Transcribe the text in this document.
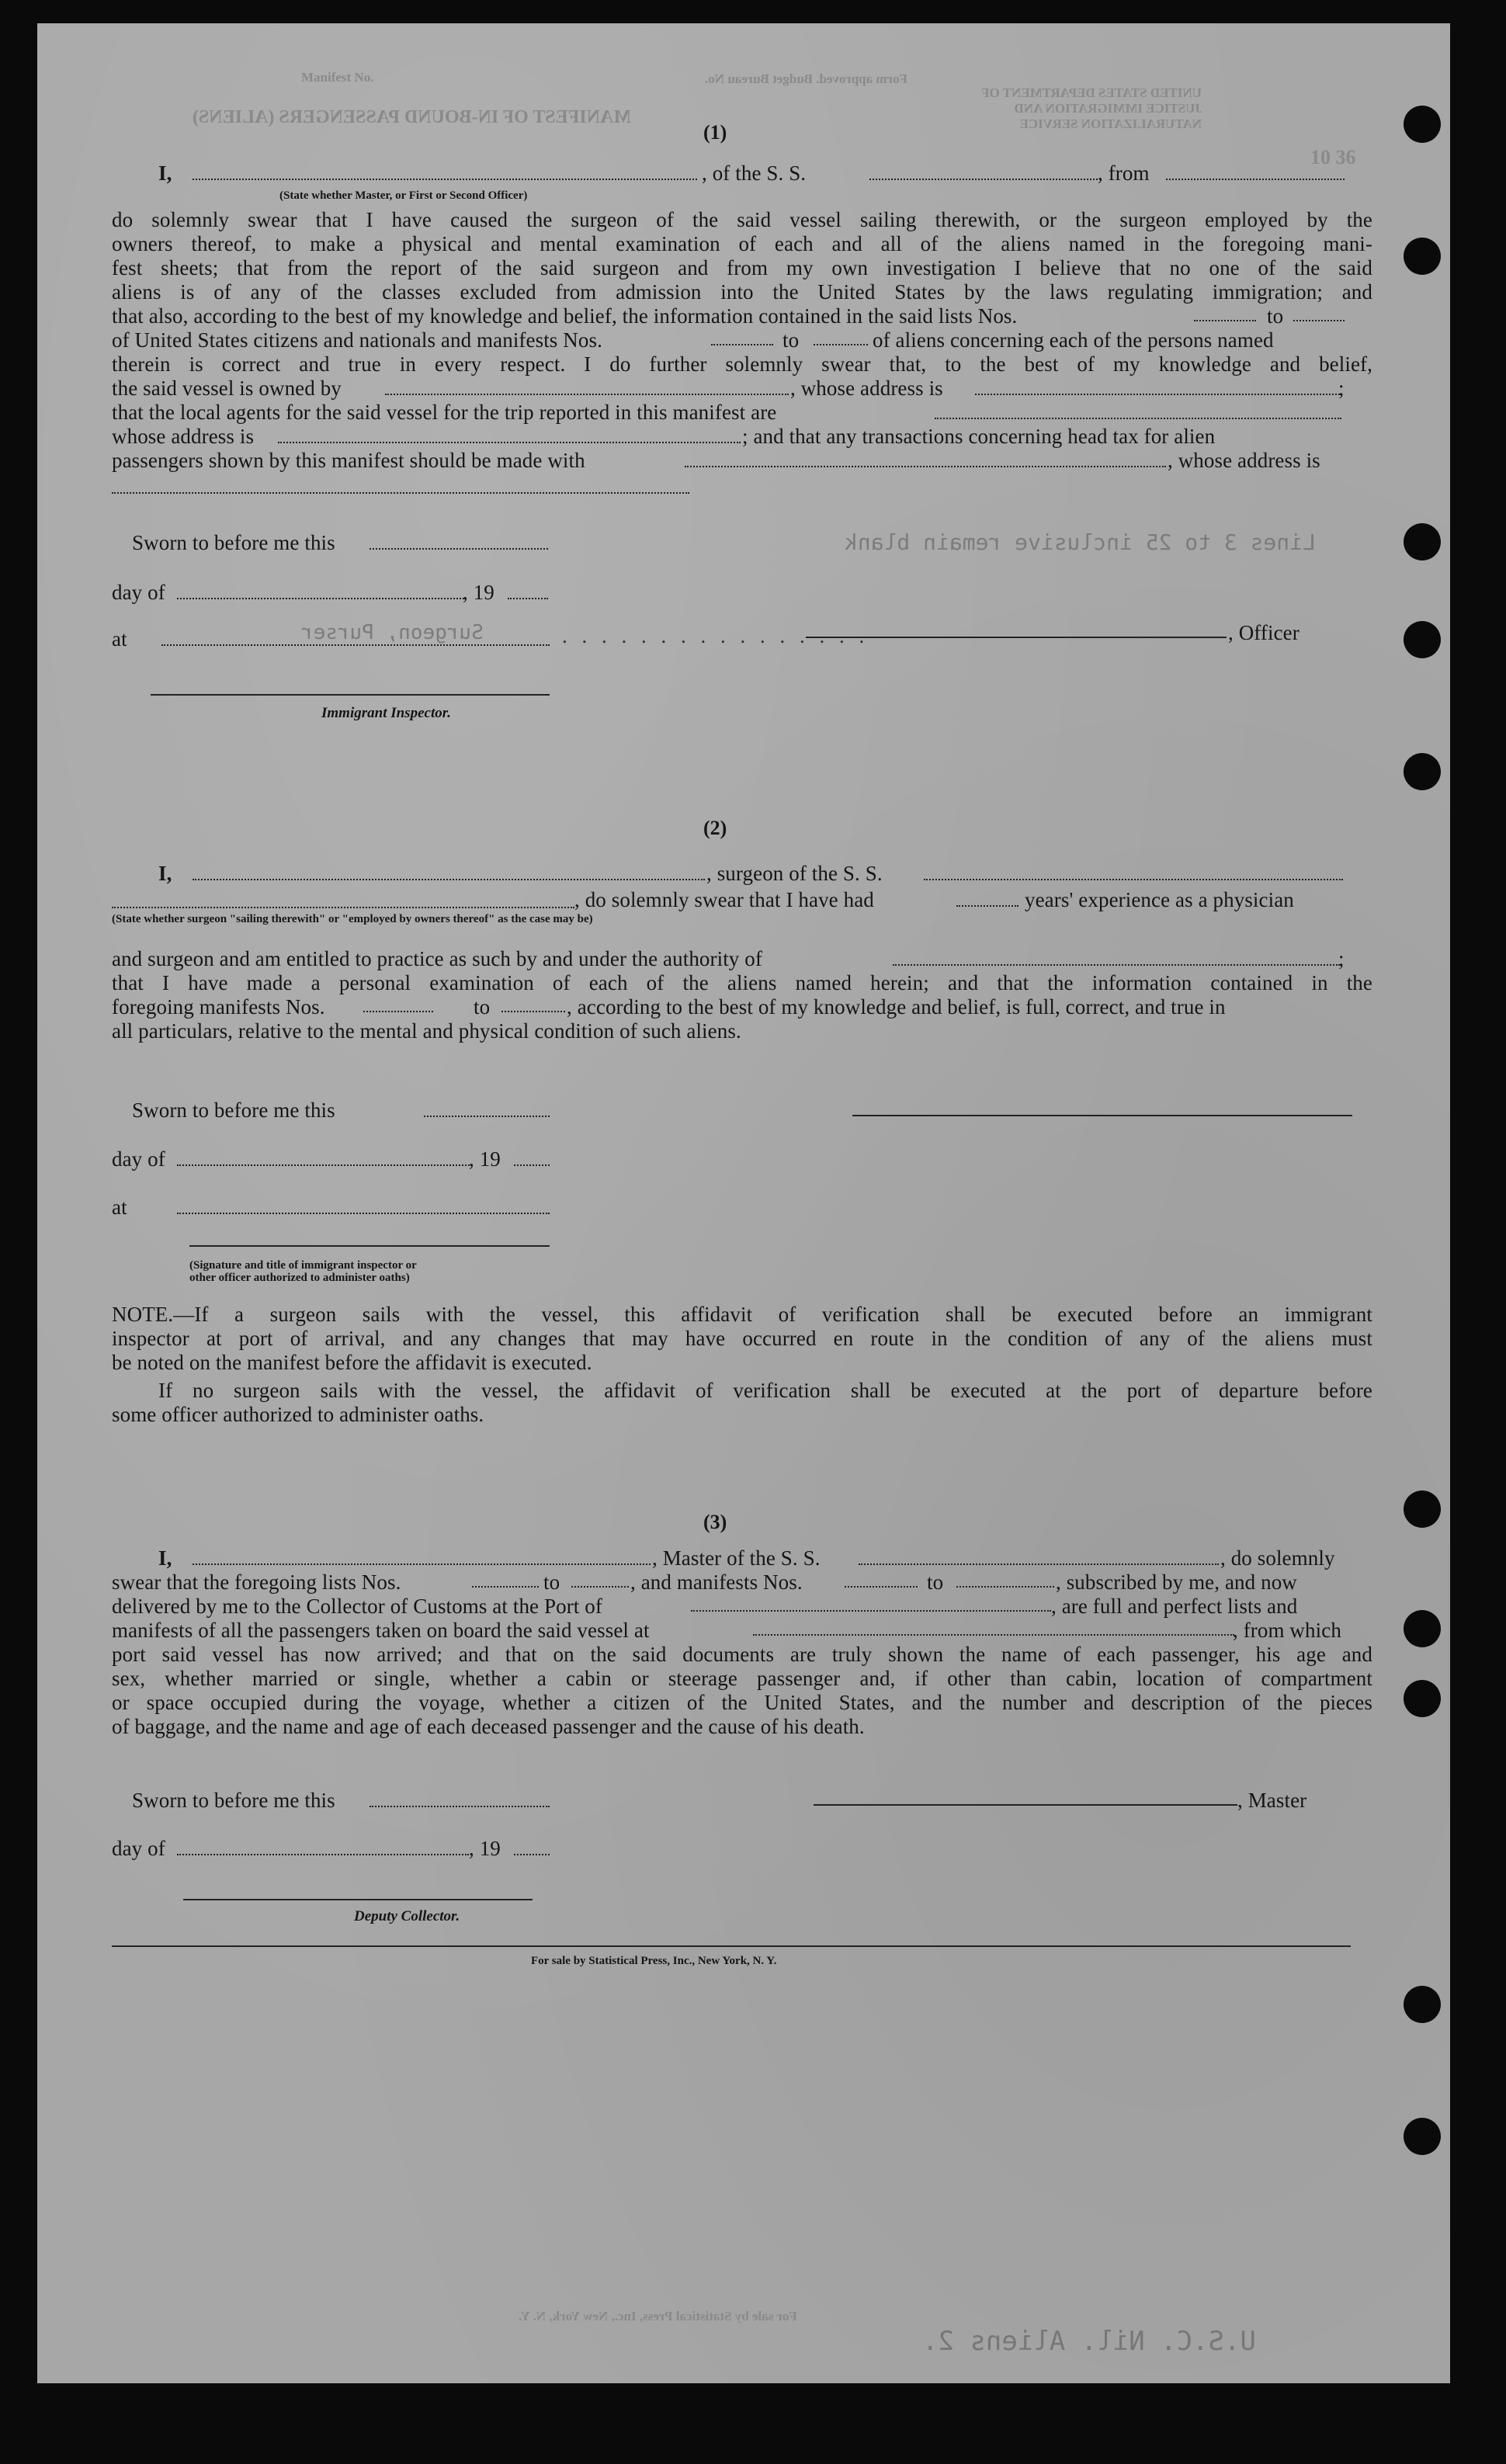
Manifest No.
MANIFEST OF IN-BOUND PASSENGERS (ALIENS)
Form approved. Budget Bureau No.
UNITED STATES DEPARTMENT OF JUSTICE IMMIGRATION AND NATURALIZATION SERVICE
10 36
(1)
I,	, of the S. S.	, from
(State whether Master, or First or Second Officer)
do solemnly swear that I have caused the surgeon of the said vessel sailing therewith, or the surgeon employed by the
owners thereof, to make a physical and mental examination of each and all of the aliens named in the foregoing mani-
fest sheets; that from the report of the said surgeon and from my own investigation I believe that no one of the said
aliens is of any of the classes excluded from admission into the United States by the laws regulating immigration; and
that also, according to the best of my knowledge and belief, the information contained in the said lists Nos.	to
of United States citizens and nationals and manifests Nos.	to	of aliens concerning each of the persons named
therein is correct and true in every respect. I do further solemnly swear that, to the best of my knowledge and belief,
the said vessel is owned by	, whose address is	;
that the local agents for the said vessel for the trip reported in this manifest are
whose address is	; and that any transactions concerning head tax for alien
passengers shown by this manifest should be made with	, whose address is
Sworn to before me this	Lines 3 to 25 inclusive remain blank
day of	, 19
at	Surgeon, Purser	. . . . . . . . . . . . . . . .	, Officer
Immigrant Inspector.
(2)
I,	, surgeon of the S. S.
, do solemnly swear that I have had	years' experience as a physician
(State whether surgeon "sailing therewith" or "employed by owners thereof" as the case may be)
and surgeon and am entitled to practice as such by and under the authority of	;
that I have made a personal examination of each of the aliens named herein; and that the information contained in the
foregoing manifests Nos.	to	, according to the best of my knowledge and belief, is full, correct, and true in
all particulars, relative to the mental and physical condition of such aliens.
Sworn to before me this
day of	, 19
at
(Signature and title of immigrant inspector or
other officer authorized to administer oaths)
NOTE.—If a surgeon sails with the vessel, this affidavit of verification shall be executed before an immigrant
inspector at port of arrival, and any changes that may have occurred en route in the condition of any of the aliens must
be noted on the manifest before the affidavit is executed.
If no surgeon sails with the vessel, the affidavit of verification shall be executed at the port of departure before
some officer authorized to administer oaths.
(3)
I,	, Master of the S. S.	, do solemnly
swear that the foregoing lists Nos.	to	, and manifests Nos.	to	, subscribed by me, and now
delivered by me to the Collector of Customs at the Port of	, are full and perfect lists and
manifests of all the passengers taken on board the said vessel at	, from which
port said vessel has now arrived; and that on the said documents are truly shown the name of each passenger, his age and
sex, whether married or single, whether a cabin or steerage passenger and, if other than cabin, location of compartment
or space occupied during the voyage, whether a citizen of the United States, and the number and description of the pieces
of baggage, and the name and age of each deceased passenger and the cause of his death.
Sworn to before me this	, Master
day of	, 19
Deputy Collector.
For sale by Statistical Press, Inc., New York, N. Y.
U.S.C. Nil. Aliens 2.
For sale by Statistical Press, Inc., New York, N. Y.
